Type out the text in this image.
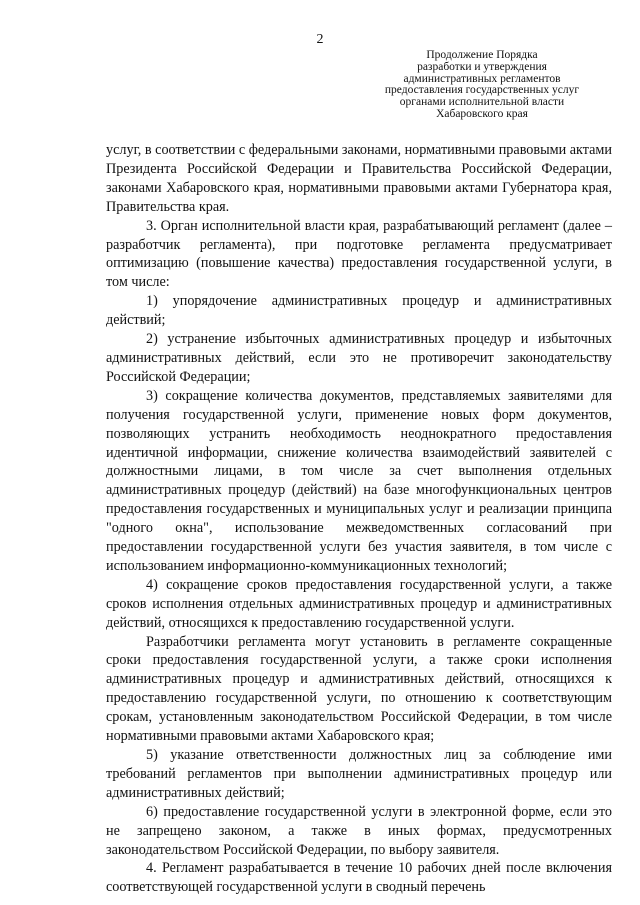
2
Продолжение Порядка
разработки и утверждения
административных регламентов
предоставления государственных услуг
органами исполнительной власти
Хабаровского края

услуг, в соответствии с федеральными законами, нормативными правовыми актами Президента Российской Федерации и Правительства Российской Федерации, законами Хабаровского края, нормативными правовыми актами Губернатора края, Правительства края.

3. Орган исполнительной власти края, разрабатывающий регламент (далее – разработчик регламента), при подготовке регламента предусматривает оптимизацию (повышение качества) предоставления государственной услуги, в том числе:

1) упорядочение административных процедур и административных действий;

2) устранение избыточных административных процедур и избыточных административных действий, если это не противоречит законодательству Российской Федерации;

3) сокращение количества документов, представляемых заявителями для получения государственной услуги, применение новых форм документов, позволяющих устранить необходимость неоднократного предоставления идентичной информации, снижение количества взаимодействий заявителей с должностными лицами, в том числе за счет выполнения отдельных административных процедур (действий) на базе многофункциональных центров предоставления государственных и муниципальных услуг и реализации принципа "одного окна", использование межведомственных согласований при предоставлении государственной услуги без участия заявителя, в том числе с использованием информационно-коммуникационных технологий;

4) сокращение сроков предоставления государственной услуги, а также сроков исполнения отдельных административных процедур и административных действий, относящихся к предоставлению государственной услуги.

Разработчики регламента могут установить в регламенте сокращенные сроки предоставления государственной услуги, а также сроки исполнения административных процедур и административных действий, относящихся к предоставлению государственной услуги, по отношению к соответствующим срокам, установленным законодательством Российской Федерации, в том числе нормативными правовыми актами Хабаровского края;

5) указание ответственности должностных лиц за соблюдение ими требований регламентов при выполнении административных процедур или административных действий;

6) предоставление государственной услуги в электронной форме, если это не запрещено законом, а также в иных формах, предусмотренных законодательством Российской Федерации, по выбору заявителя.

4. Регламент разрабатывается в течение 10 рабочих дней после включения соответствующей государственной услуги в сводный перечень
